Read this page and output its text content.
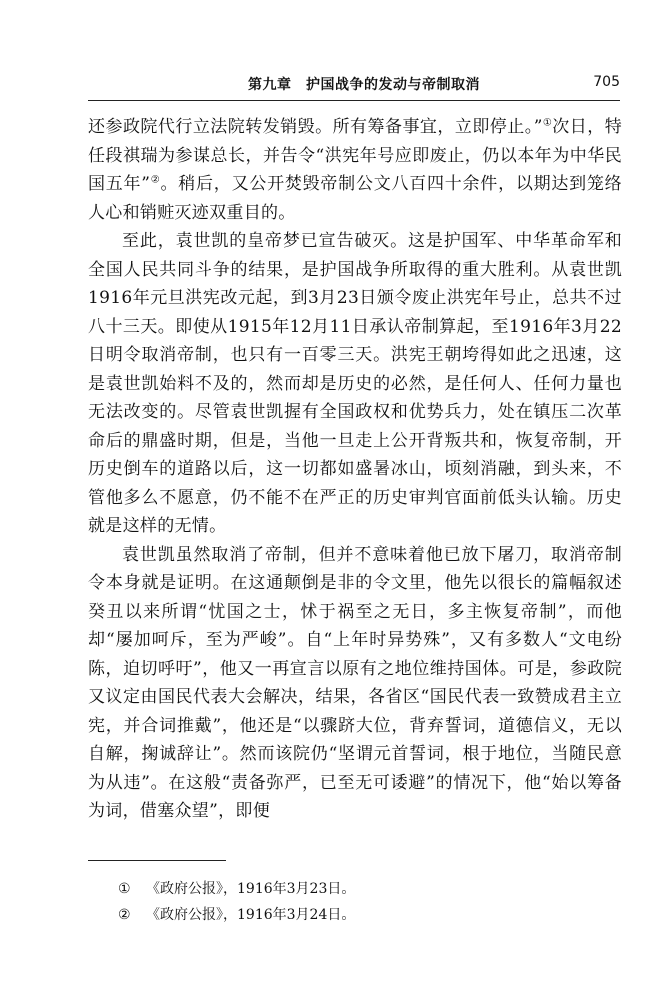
第九章　护国战争的发动与帝制取消	705

还参政院代行立法院转发销毁。所有筹备事宜，立即停止。”①次日，特任段祺瑞为参谋总长，并告令“洪宪年号应即废止，仍以本年为中华民国五年”②。稍后，又公开焚毁帝制公文八百四十余件，以期达到笼络人心和销赃灭迹双重目的。

至此，袁世凯的皇帝梦已宣告破灭。这是护国军、中华革命军和全国人民共同斗争的结果，是护国战争所取得的重大胜利。从袁世凯1916年元旦洪宪改元起，到3月23日颁令废止洪宪年号止，总共不过八十三天。即使从1915年12月11日承认帝制算起，至1916年3月22日明令取消帝制，也只有一百零三天。洪宪王朝垮得如此之迅速，这是袁世凯始料不及的，然而却是历史的必然，是任何人、任何力量也无法改变的。尽管袁世凯握有全国政权和优势兵力，处在镇压二次革命后的鼎盛时期，但是，当他一旦走上公开背叛共和，恢复帝制，开历史倒车的道路以后，这一切都如盛暑冰山，顷刻消融，到头来，不管他多么不愿意，仍不能不在严正的历史审判官面前低头认输。历史就是这样的无情。

袁世凯虽然取消了帝制，但并不意味着他已放下屠刀，取消帝制令本身就是证明。在这通颠倒是非的令文里，他先以很长的篇幅叙述癸丑以来所谓“忧国之士，怵于祸至之无日，多主恢复帝制”，而他却“屡加呵斥，至为严峻”。自“上年时异势殊”，又有多数人“文电纷陈，迫切呼吁”，他又一再宣言以原有之地位维持国体。可是，参政院又议定由国民代表大会解决，结果，各省区“国民代表一致赞成君主立宪，并合词推戴”，他还是“以骤跻大位，背弃誓词，道德信义，无以自解，掬诚辞让”。然而该院仍“坚谓元首誓词，根于地位，当随民意为从违”。在这般“责备弥严，已至无可诿避”的情况下，他“始以筹备为词，借塞众望”，即便

①	《政府公报》，1916年3月23日。

②	《政府公报》，1916年3月24日。
